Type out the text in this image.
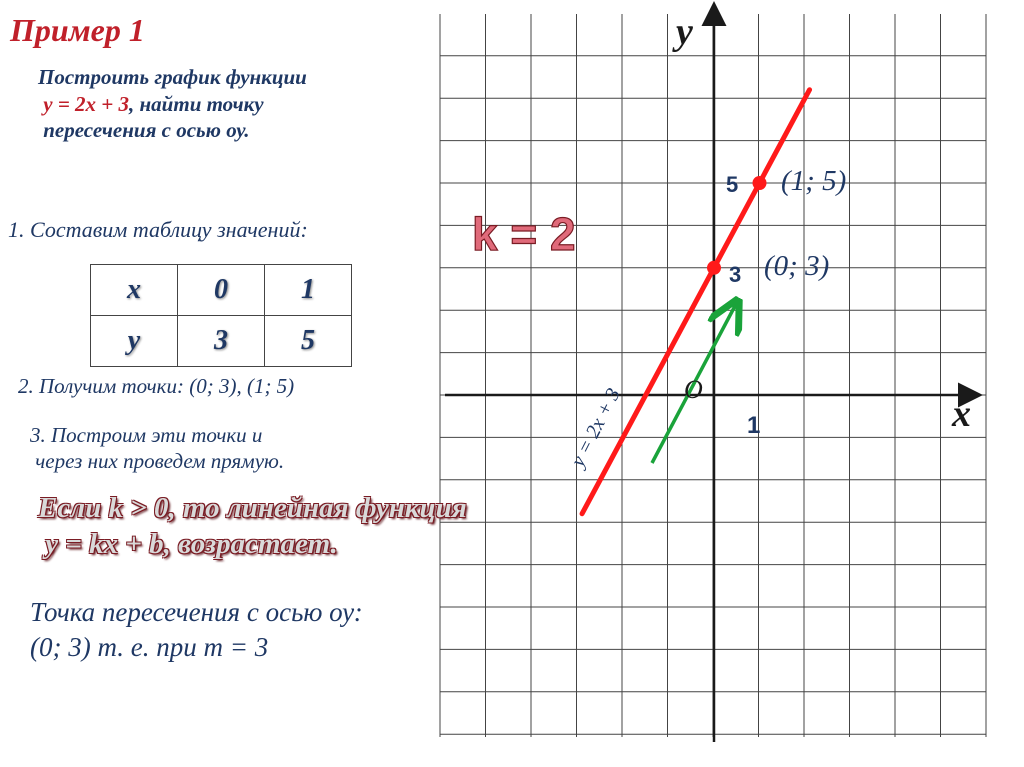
Пример 1
Построить график функции
y = 2x + 3, найти точку
пересечения с осью оу.
1. Составим таблицу значений:
x	0	1
y	3	5
2. Получим точки: (0; 3), (1; 5)
3. Построим эти точки и
через них проведем прямую.
Точка пересечения с осью оу:
(0; 3) т. е. при т = 3
y
x
O
1
5
3
(1; 5)
(0; 3)
k = 2
y = 2x + 3
Если k > 0, то линейная функция
y = kx + b, возрастает.
